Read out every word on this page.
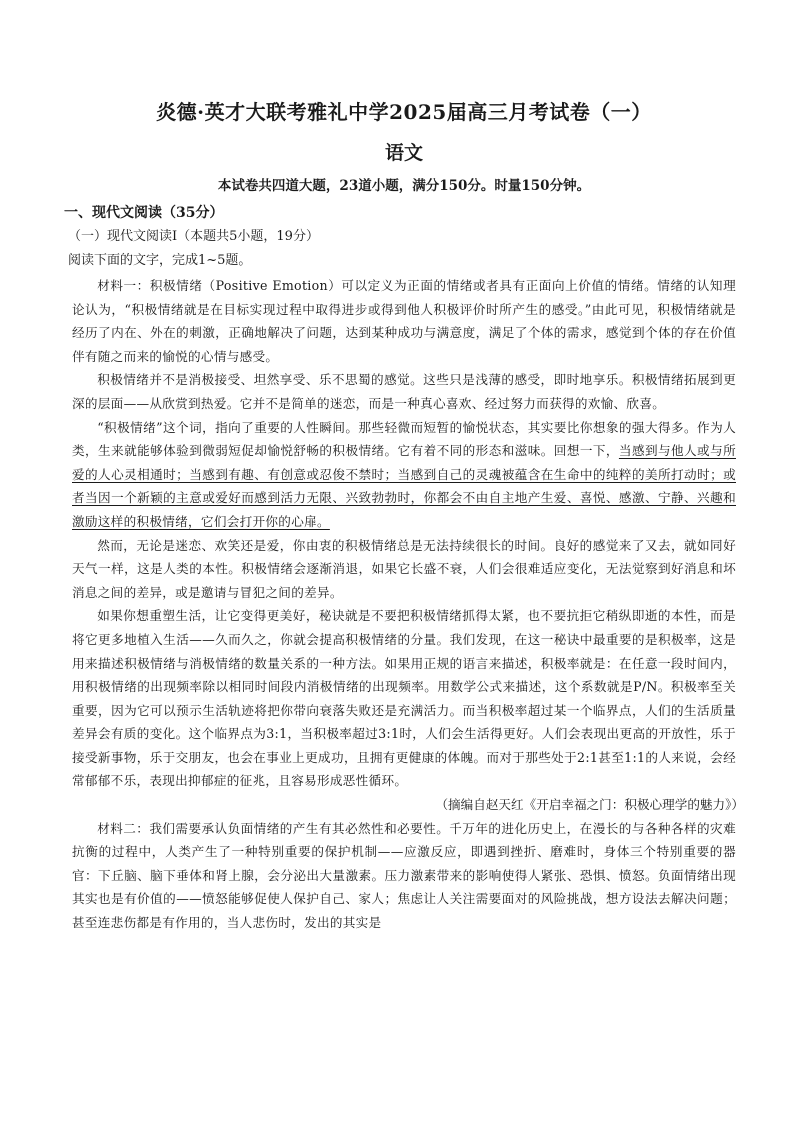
炎德·英才大联考雅礼中学2025届高三月考试卷（一）
语文
本试卷共四道大题，23道小题，满分150分。时量150分钟。
一、现代文阅读（35分）
（一）现代文阅读Ⅰ（本题共5小题，19分）
阅读下面的文字，完成1~5题。

材料一：积极情绪（Positive Emotion）可以定义为正面的情绪或者具有正面向上价值的情绪。情绪的认知理论认为，“积极情绪就是在目标实现过程中取得进步或得到他人积极评价时所产生的感受。”由此可见，积极情绪就是经历了内在、外在的刺激，正确地解决了问题，达到某种成功与满意度，满足了个体的需求，感觉到个体的存在价值伴有随之而来的愉悦的心情与感受。

积极情绪并不是消极接受、坦然享受、乐不思蜀的感觉。这些只是浅薄的感受，即时地享乐。积极情绪拓展到更深的层面——从欣赏到热爱。它并不是简单的迷恋，而是一种真心喜欢、经过努力而获得的欢愉、欣喜。

“积极情绪”这个词，指向了重要的人性瞬间。那些轻微而短暂的愉悦状态，其实要比你想象的强大得多。作为人类，生来就能够体验到微弱短促却愉悦舒畅的积极情绪。它有着不同的形态和滋味。回想一下，当感到与他人或与所爱的人心灵相通时；当感到有趣、有创意或忍俊不禁时；当感到自己的灵魂被蕴含在生命中的纯粹的美所打动时；或者当因一个新颖的主意或爱好而感到活力无限、兴致勃勃时，你都会不由自主地产生爱、喜悦、感激、宁静、兴趣和激励这样的积极情绪，它们会打开你的心扉。

然而，无论是迷恋、欢笑还是爱，你由衷的积极情绪总是无法持续很长的时间。良好的感觉来了又去，就如同好天气一样，这是人类的本性。积极情绪会逐渐消退，如果它长盛不衰，人们会很难适应变化，无法觉察到好消息和坏消息之间的差异，或是邀请与冒犯之间的差异。

如果你想重塑生活，让它变得更美好，秘诀就是不要把积极情绪抓得太紧，也不要抗拒它稍纵即逝的本性，而是将它更多地植入生活——久而久之，你就会提高积极情绪的分量。我们发现，在这一秘诀中最重要的是积极率，这是用来描述积极情绪与消极情绪的数量关系的一种方法。如果用正规的语言来描述，积极率就是：在任意一段时间内，用积极情绪的出现频率除以相同时间段内消极情绪的出现频率。用数学公式来描述，这个系数就是P/N。积极率至关重要，因为它可以预示生活轨迹将把你带向衰落失败还是充满活力。而当积极率超过某一个临界点，人们的生活质量差异会有质的变化。这个临界点为3:1，当积极率超过3:1时，人们会生活得更好。人们会表现出更高的开放性，乐于接受新事物，乐于交朋友，也会在事业上更成功，且拥有更健康的体魄。而对于那些处于2:1甚至1:1的人来说，会经常郁郁不乐，表现出抑郁症的征兆，且容易形成恶性循环。

（摘编自赵天红《开启幸福之门：积极心理学的魅力》）

材料二：我们需要承认负面情绪的产生有其必然性和必要性。千万年的进化历史上，在漫长的与各种各样的灾难抗衡的过程中，人类产生了一种特别重要的保护机制——应激反应，即遇到挫折、磨难时，身体三个特别重要的器官：下丘脑、脑下垂体和肾上腺，会分泌出大量激素。压力激素带来的影响使得人紧张、恐惧、愤怒。负面情绪出现其实也是有价值的——愤怒能够促使人保护自己、家人；焦虑让人关注需要面对的风险挑战，想方设法去解决问题；甚至连悲伤都是有作用的，当人悲伤时，发出的其实是
